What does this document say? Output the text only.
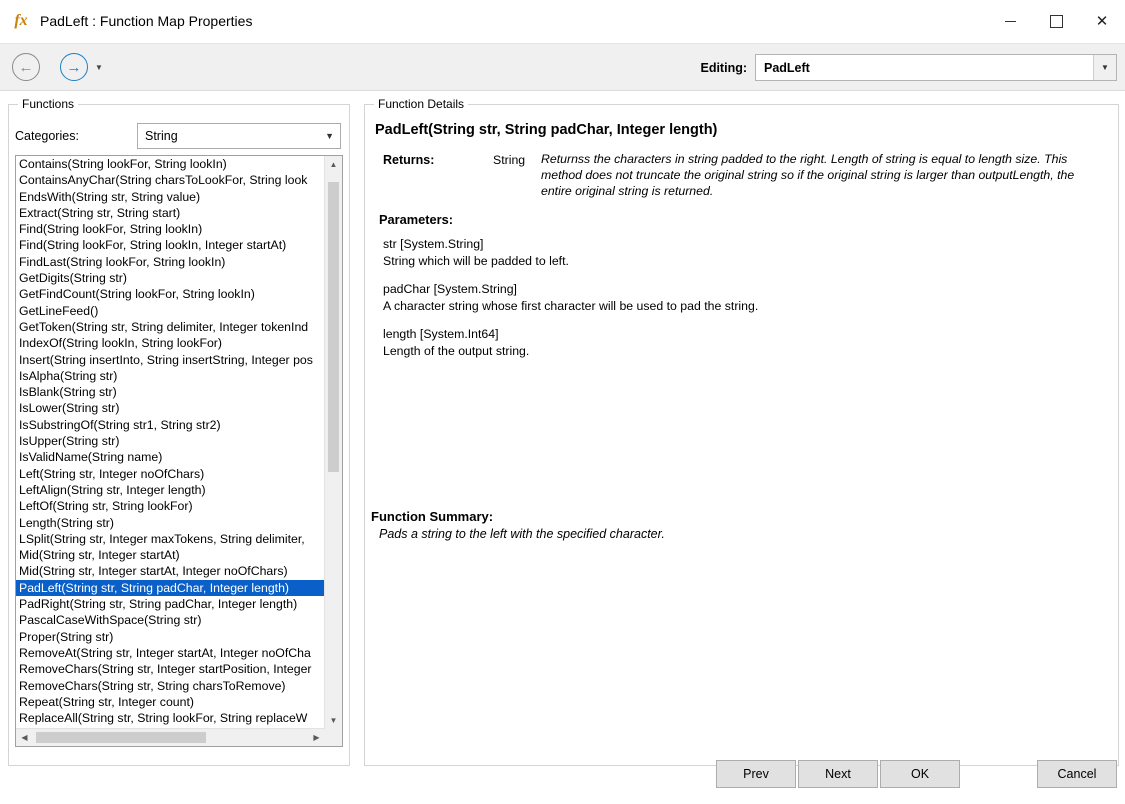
fx PadLeft : Function Map Properties	✕
←	→	▼	Editing:	PadLeft	▼
Functions
Categories:	String	▼
Contains(String lookFor, String lookIn)
ContainsAnyChar(String charsToLookFor, String look
EndsWith(String str, String value)
Extract(String str, String start)
Find(String lookFor, String lookIn)
Find(String lookFor, String lookIn, Integer startAt)
FindLast(String lookFor, String lookIn)
GetDigits(String str)
GetFindCount(String lookFor, String lookIn)
GetLineFeed()
GetToken(String str, String delimiter, Integer tokenInd
IndexOf(String lookIn, String lookFor)
Insert(String insertInto, String insertString, Integer pos
IsAlpha(String str)
IsBlank(String str)
IsLower(String str)
IsSubstringOf(String str1, String str2)
IsUpper(String str)
IsValidName(String name)
Left(String str, Integer noOfChars)
LeftAlign(String str, Integer length)
LeftOf(String str, String lookFor)
Length(String str)
LSplit(String str, Integer maxTokens, String delimiter,
Mid(String str, Integer startAt)
Mid(String str, Integer startAt, Integer noOfChars)
PadLeft(String str, String padChar, Integer length)
PadRight(String str, String padChar, Integer length)
PascalCaseWithSpace(String str)
Proper(String str)
RemoveAt(String str, Integer startAt, Integer noOfCha
RemoveChars(String str, Integer startPosition, Integer
RemoveChars(String str, String charsToRemove)
Repeat(String str, Integer count)
ReplaceAll(String str, String lookFor, String replaceW
▲
▼
◀	▶
Function Details
PadLeft(String str, String padChar, Integer length)
Returns:	String Returnss the characters in string padded to the right. Length of string is equal to length size. This method does not truncate the original string so if the original string is larger than outputLength, the entire original string is returned.
Parameters:
str [System.String]
String which will be padded to left.
padChar [System.String]
A character string whose first character will be used to pad the string.
length [System.Int64]
Length of the output string.
Function Summary:
Pads a string to the left with the specified character.
Prev	Next	OK	Cancel
